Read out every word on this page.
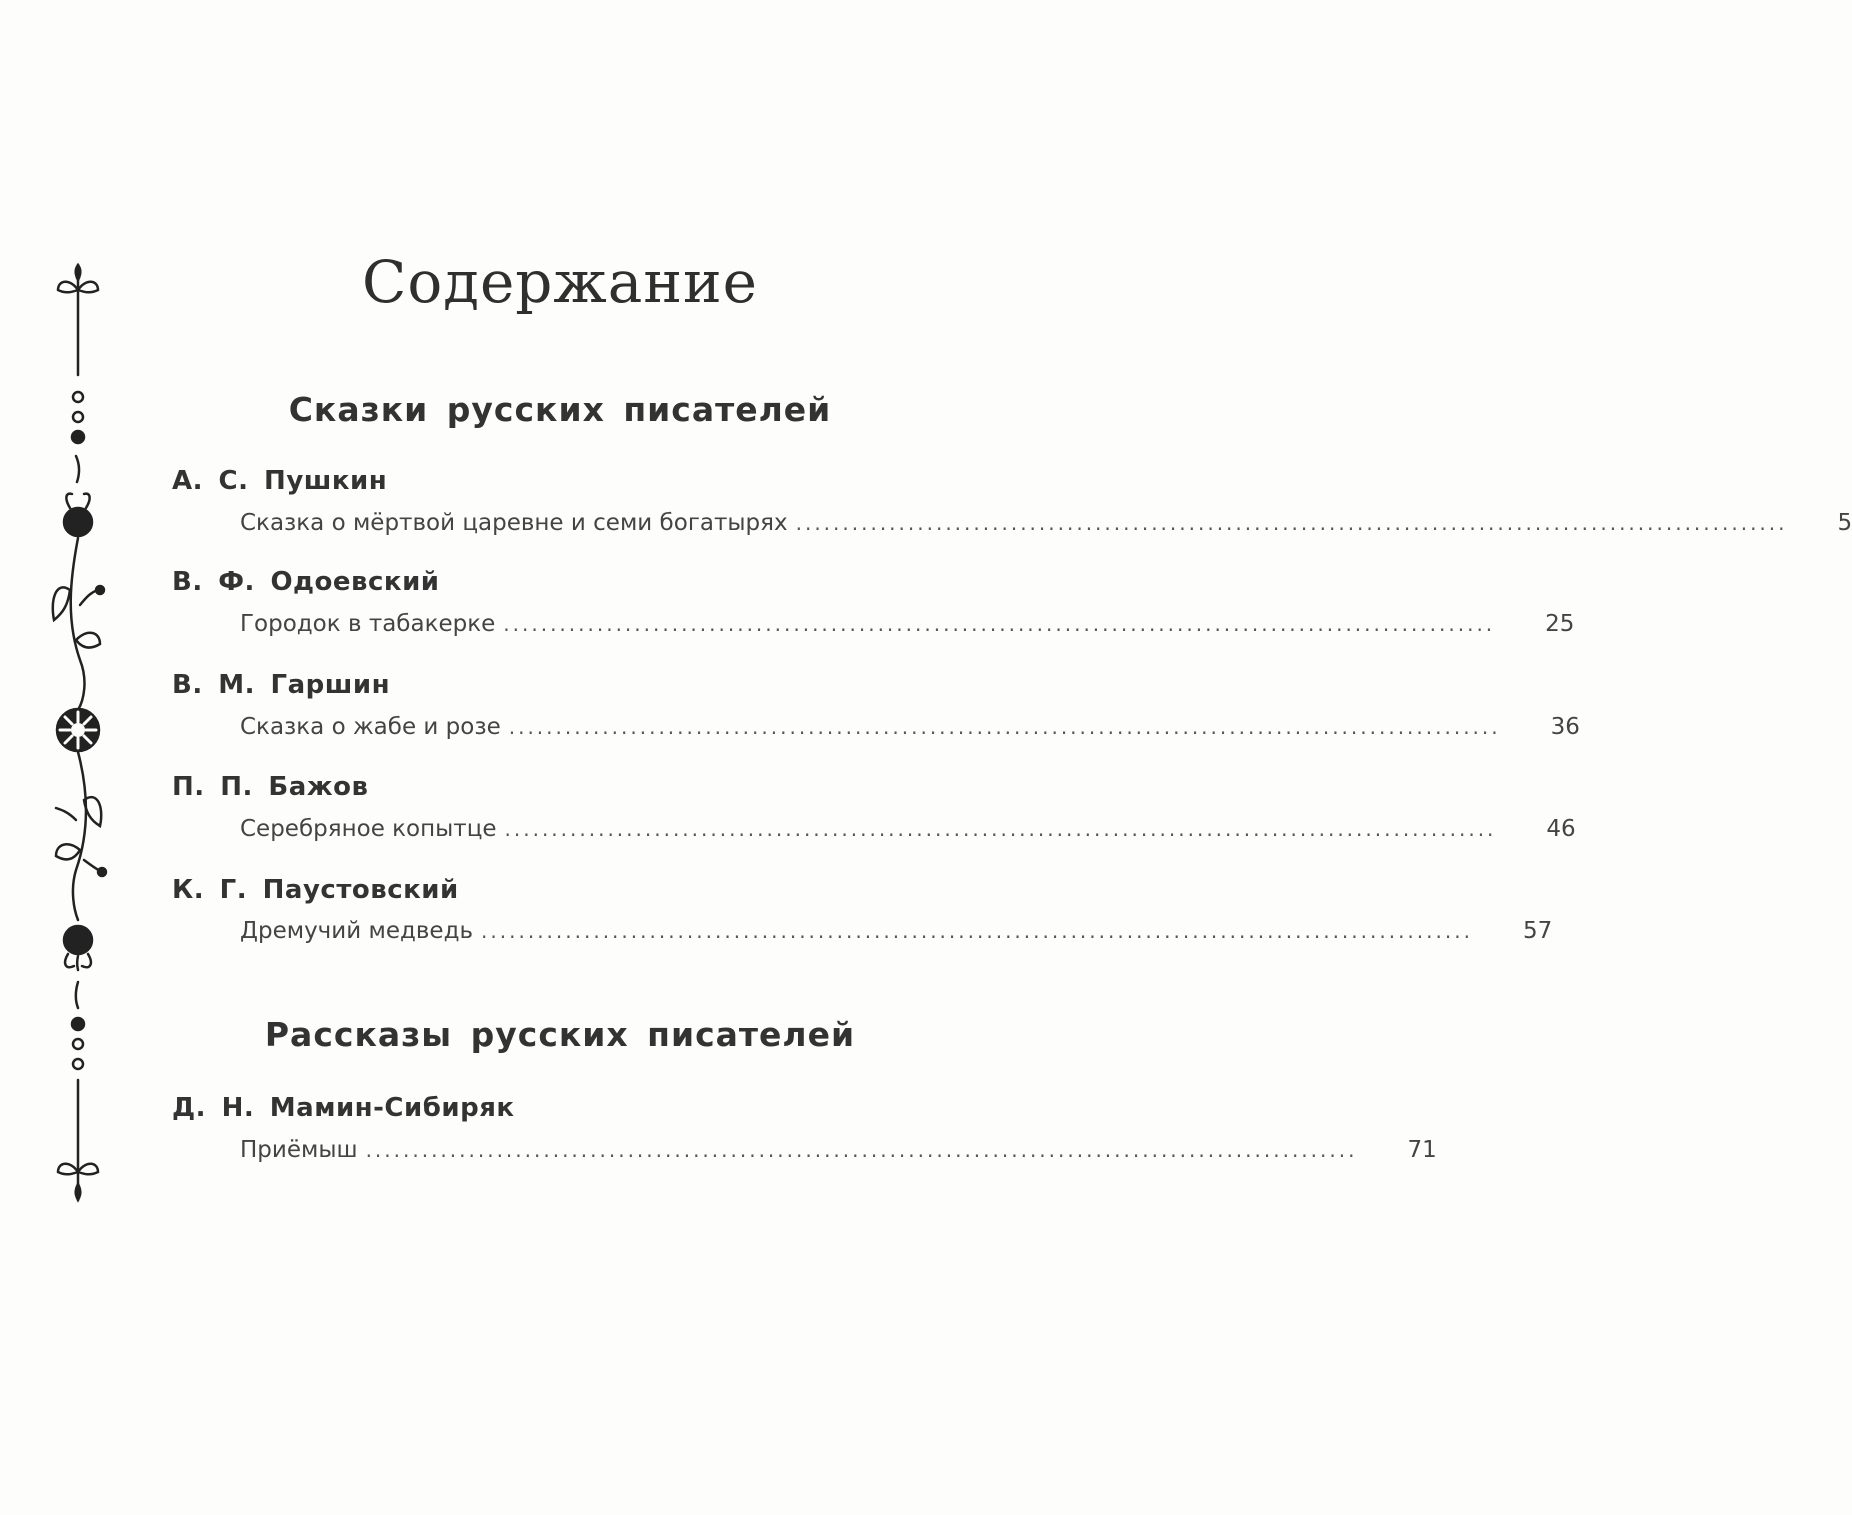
Содержание
Сказки русских писателей
А. С. Пушкин
Сказка о мёртвой царевне и семи богатырях .......................................................................................................... 5
В. Ф. Одоевский
Городок в табакерке .......................................................................................................... 25
В. М. Гаршин
Сказка о жабе и розе .......................................................................................................... 36
П. П. Бажов
Серебряное копытце .......................................................................................................... 46
К. Г. Паустовский
Дремучий медведь .......................................................................................................... 57
Рассказы русских писателей
Д. Н. Мамин-Сибиряк
Приёмыш .......................................................................................................... 71
